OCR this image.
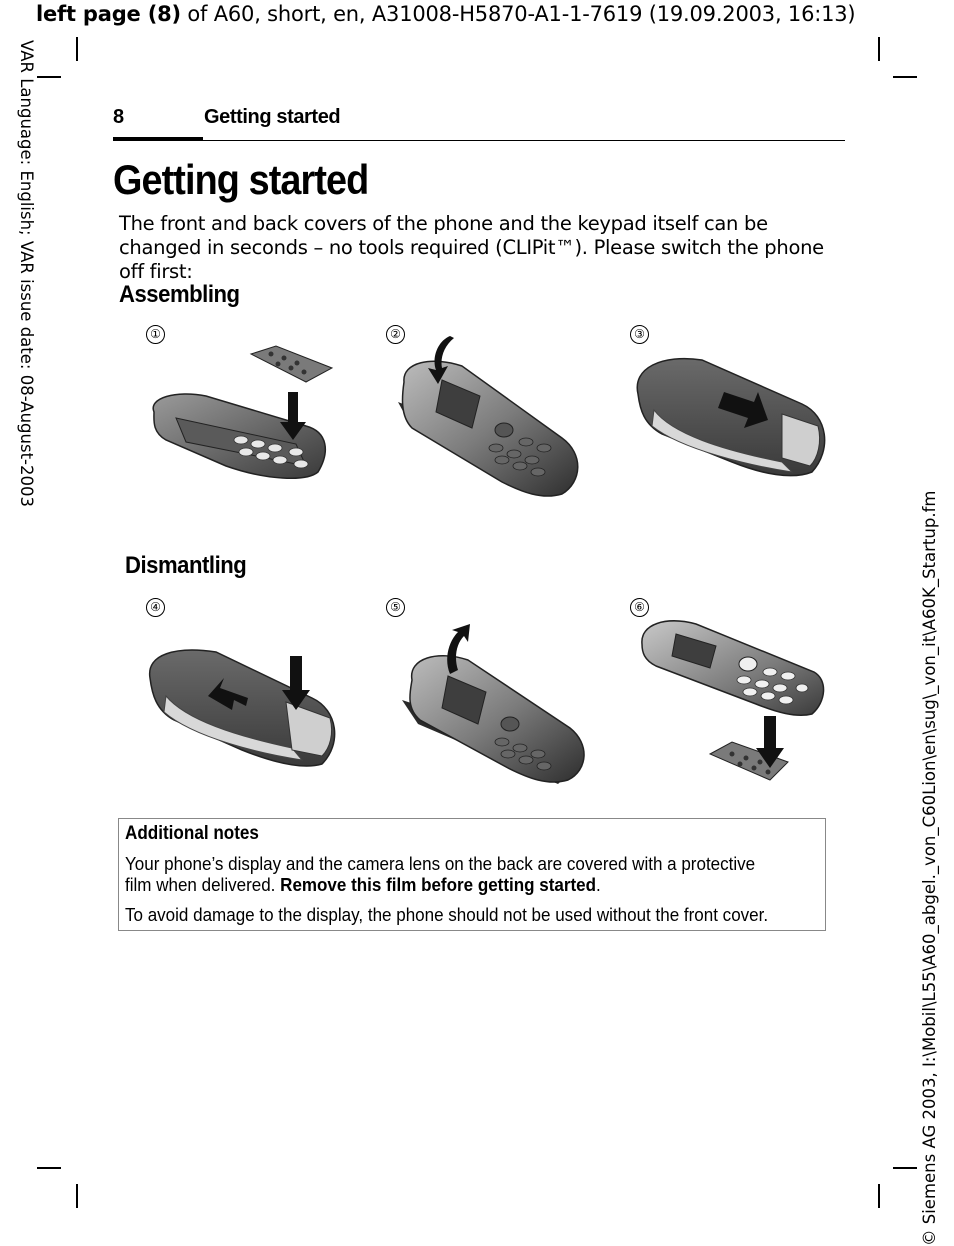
left page (8) of A60, short, en, A31008-H5870-A1-1-7619 (19.09.2003, 16:13)
VAR Language: English; VAR issue date: 08-August-2003
© Siemens AG 2003, I:\Mobil\L55\A60_abgel._von_C60Lion\en\sug\_von_it\A60K_Startup.fm
8	Getting started
Getting started
The front and back covers of the phone and the keypad itself can be changed in seconds – no tools required (CLIPit™). Please switch the phone off first:
Assembling
①	②	③
Dismantling
④	⑤	⑥
Additional notes

Your phone’s display and the camera lens on the back are covered with a protective film when delivered. Remove this film before getting started.

To avoid damage to the display, the phone should not be used without the front cover.
